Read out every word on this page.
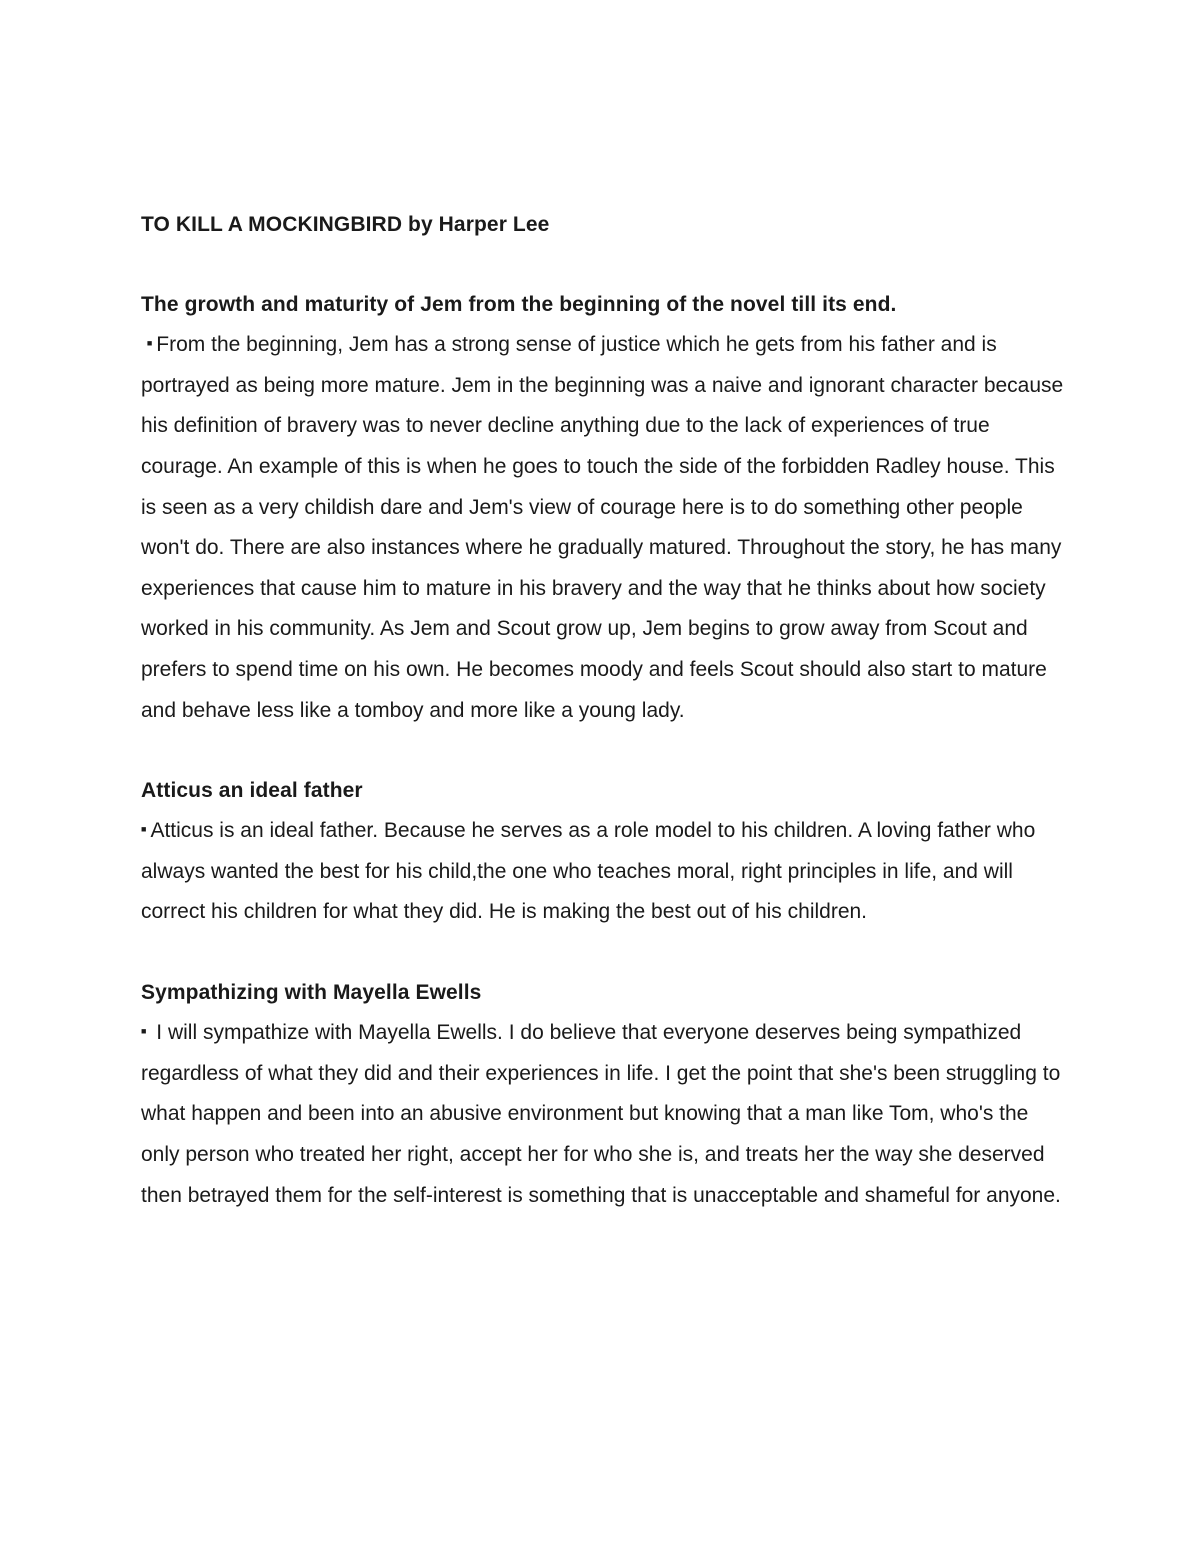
TO KILL A MOCKINGBIRD by Harper Lee
The growth and maturity of Jem from the beginning of the novel till its end.

■ From the beginning, Jem has a strong sense of justice which he gets from his father and is portrayed as being more mature. Jem in the beginning was a naive and ignorant character because his definition of bravery was to never decline anything due to the lack of experiences of true courage. An example of this is when he goes to touch the side of the forbidden Radley house. This is seen as a very childish dare and Jem's view of courage here is to do something other people won't do. There are also instances where he gradually matured. Throughout the story, he has many experiences that cause him to mature in his bravery and the way that he thinks about how society worked in his community. As Jem and Scout grow up, Jem begins to grow away from Scout and prefers to spend time on his own. He becomes moody and feels Scout should also start to mature and behave less like a tomboy and more like a young lady.

Atticus an ideal father

■ Atticus is an ideal father. Because he serves as a role model to his children. A loving father who always wanted the best for his child,the one who teaches moral, right principles in life, and will correct his children for what they did. He is making the best out of his children.

Sympathizing with Mayella Ewells

■ I will sympathize with Mayella Ewells. I do believe that everyone deserves being sympathized regardless of what they did and their experiences in life. I get the point that she's been struggling to what happen and been into an abusive environment but knowing that a man like Tom, who's the only person who treated her right, accept her for who she is, and treats her the way she deserved then betrayed them for the self-interest is something that is unacceptable and shameful for anyone.
